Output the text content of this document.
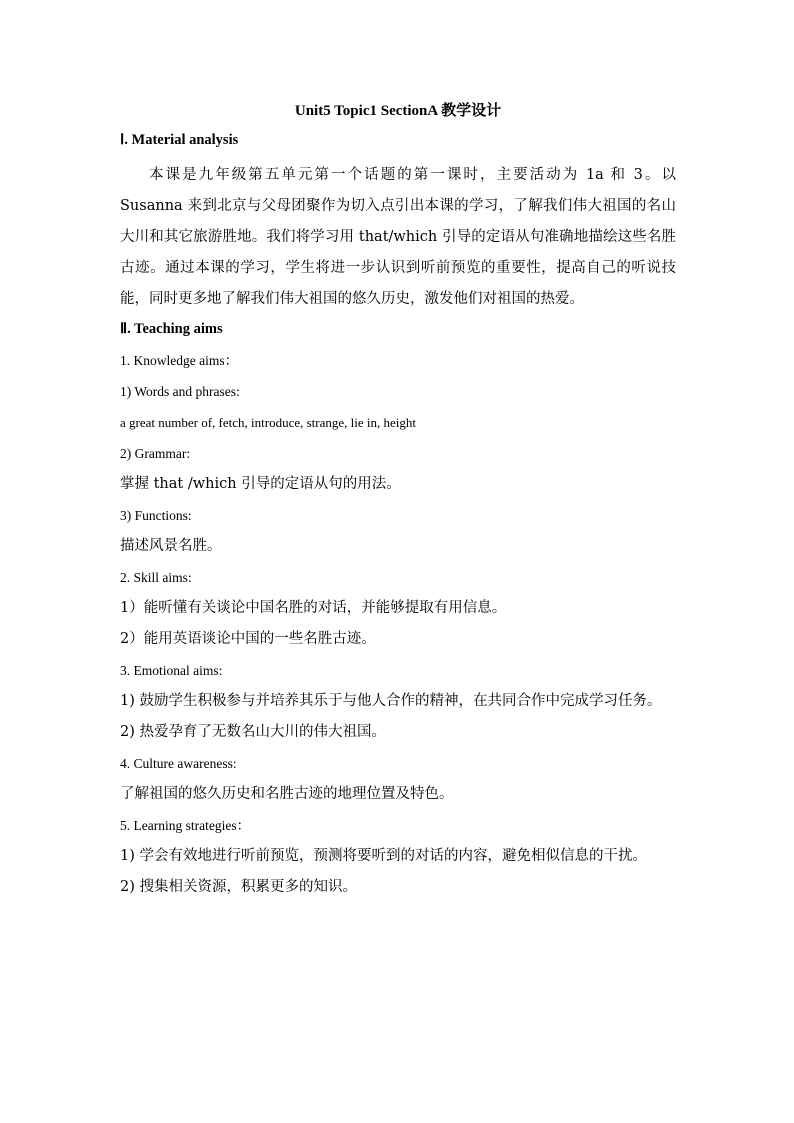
Unit5 Topic1 SectionA 教学设计
Ⅰ. Material analysis

本课是九年级第五单元第一个话题的第一课时，主要活动为 1a 和 3。以 Susanna 来到北京与父母团聚作为切入点引出本课的学习，了解我们伟大祖国的名山大川和其它旅游胜地。我们将学习用 that/which 引导的定语从句准确地描绘这些名胜古迹。通过本课的学习，学生将进一步认识到听前预览的重要性，提高自己的听说技能，同时更多地了解我们伟大祖国的悠久历史，激发他们对祖国的热爱。

Ⅱ. Teaching aims

1. Knowledge aims：

1) Words and phrases:

a great number of, fetch, introduce, strange, lie in, height

2) Grammar:

掌握 that /which 引导的定语从句的用法。

3) Functions:

描述风景名胜。

2. Skill aims:

1）能听懂有关谈论中国名胜的对话，并能够提取有用信息。

2）能用英语谈论中国的一些名胜古迹。

3. Emotional aims:

1) 鼓励学生积极参与并培养其乐于与他人合作的精神，在共同合作中完成学习任务。

2) 热爱孕育了无数名山大川的伟大祖国。

4. Culture awareness:

了解祖国的悠久历史和名胜古迹的地理位置及特色。

5. Learning strategies：

1) 学会有效地进行听前预览，预测将要听到的对话的内容，避免相似信息的干扰。

2) 搜集相关资源，积累更多的知识。
